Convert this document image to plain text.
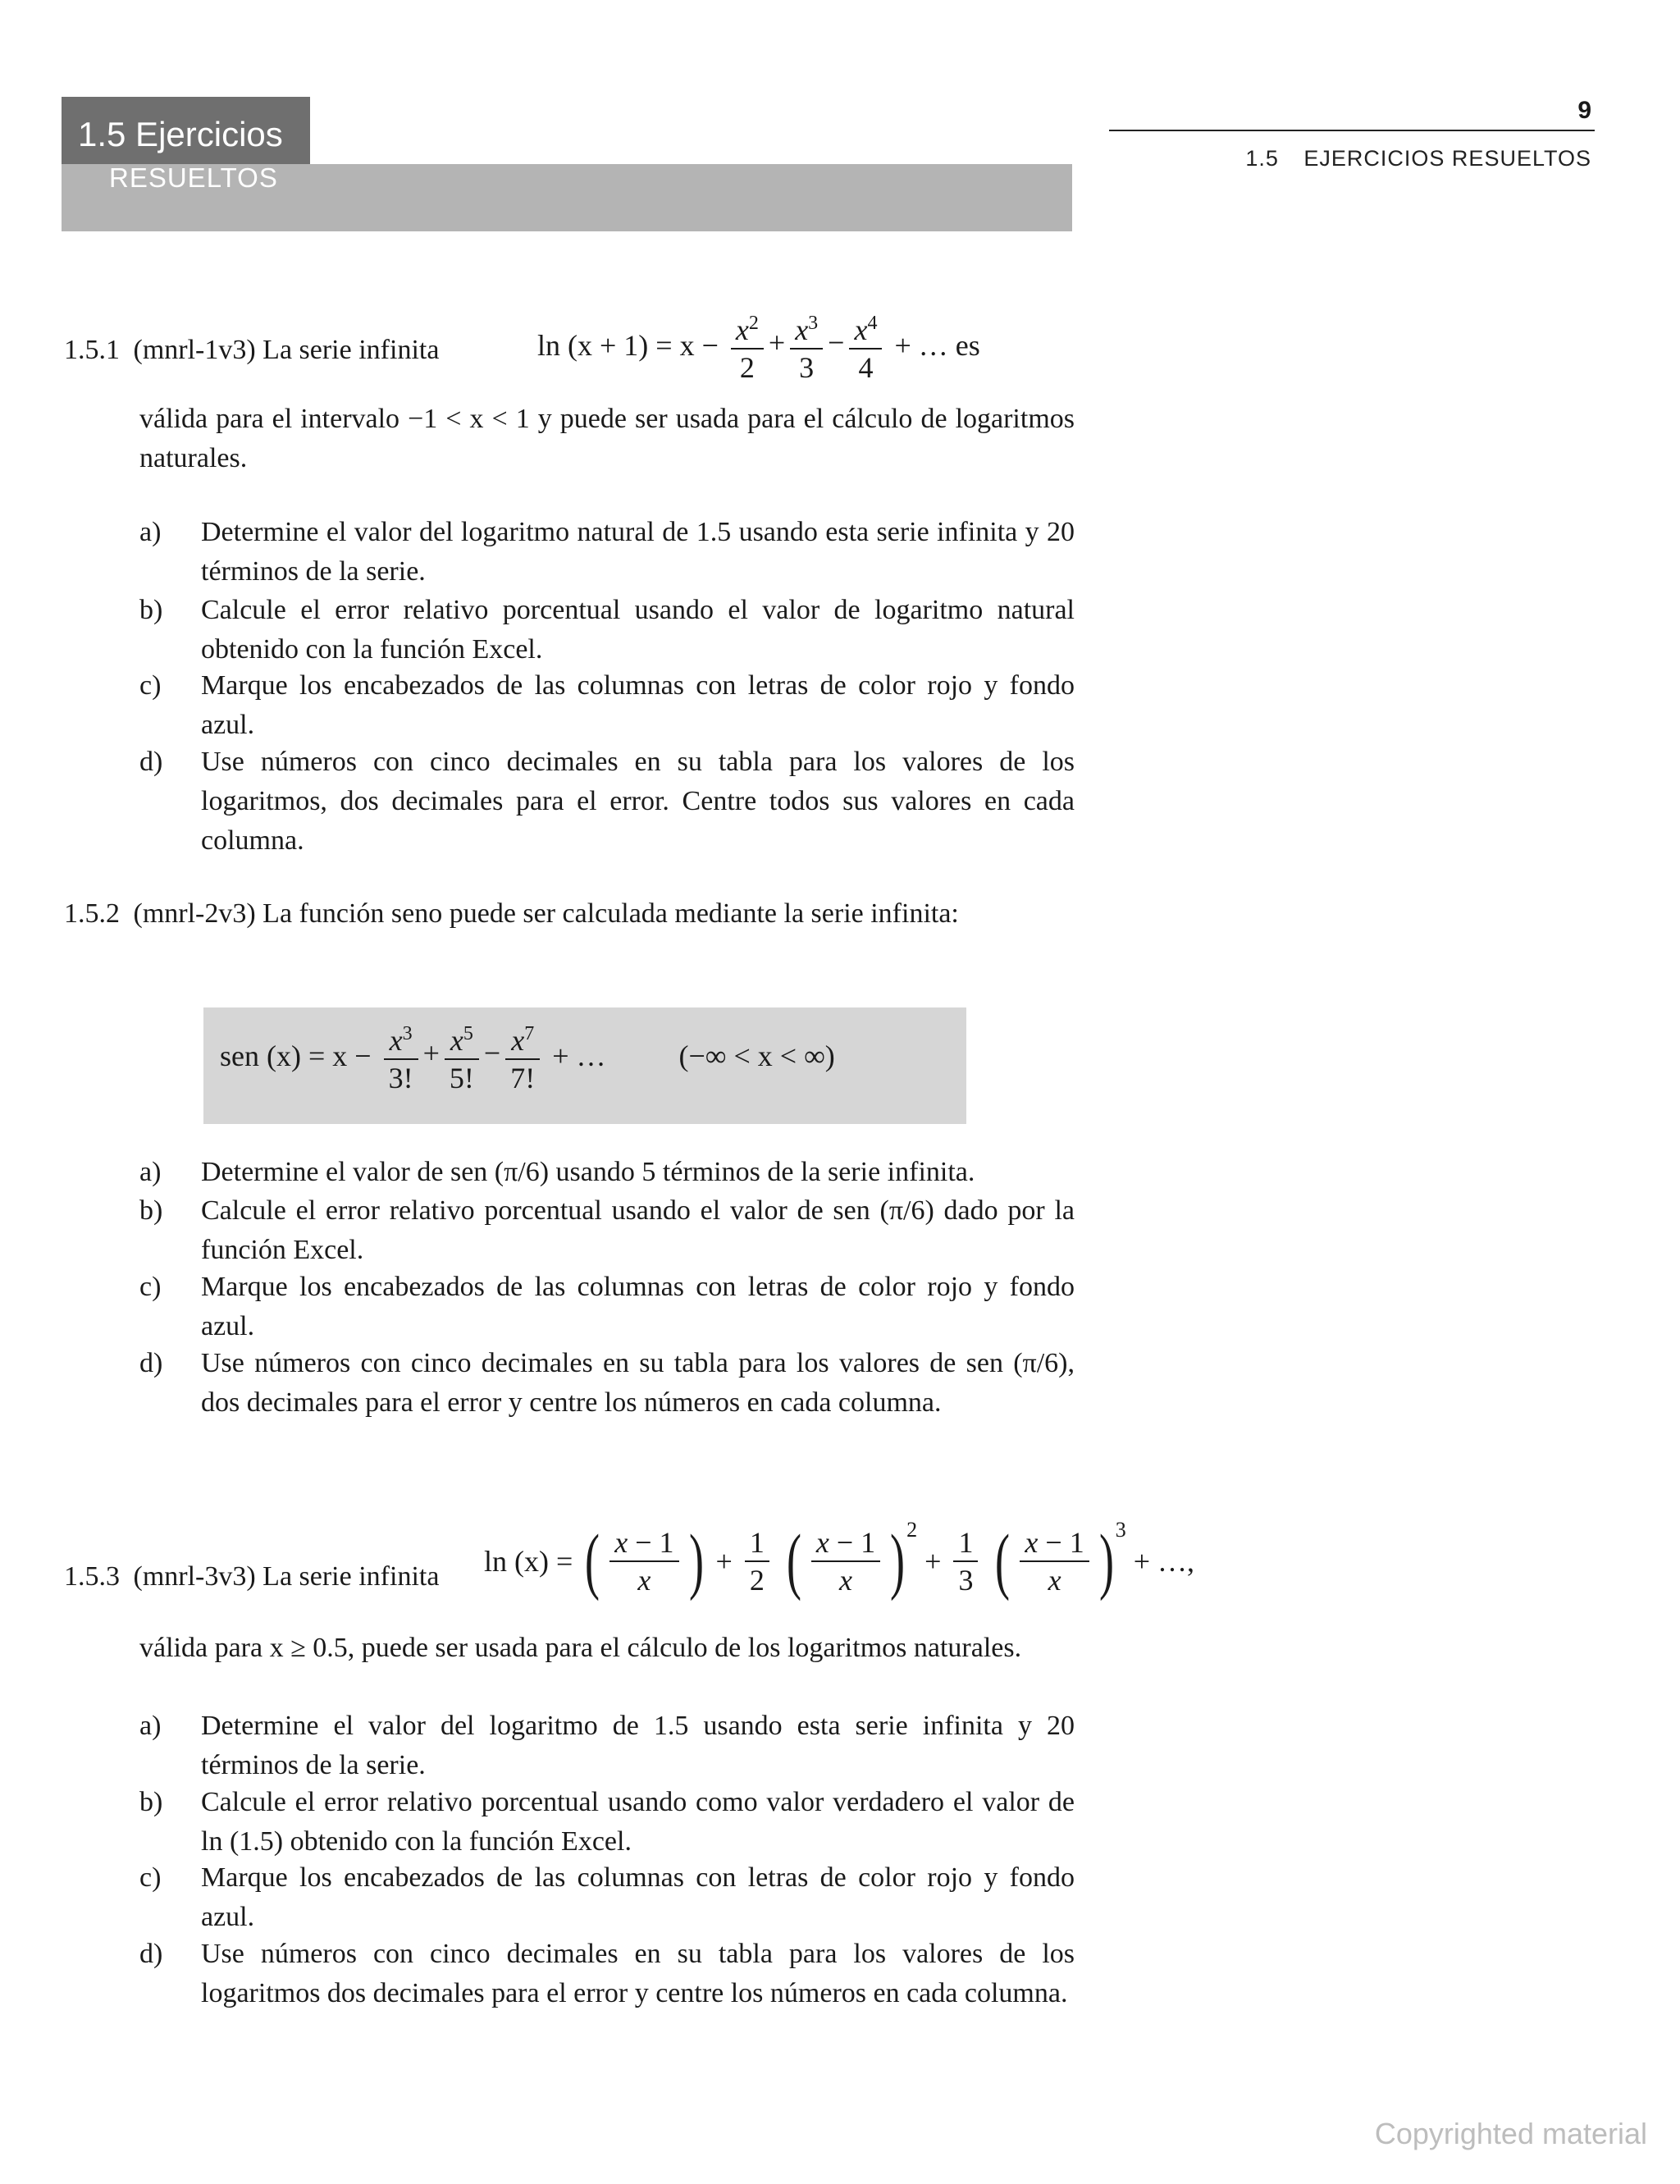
1.5 Ejercicios
RESUELTOS
9
1.5 EJERCICIOS RESUELTOS
1.5.1 (mnrl-1v3) La serie infinita	$\ln (x + 1) = x - \frac{x^2}{2} + \frac{x^3}{3} - \frac{x^4}{4}$ + … es
válida para el intervalo −1 < x < 1 y puede ser usada para el cálculo de logaritmos naturales.
a) Determine el valor del logaritmo natural de 1.5 usando esta serie infinita y 20 términos de la serie.
b) Calcule el error relativo porcentual usando el valor de logaritmo natural obtenido con la función Excel.
c) Marque los encabezados de las columnas con letras de color rojo y fondo azul.
d) Use números con cinco decimales en su tabla para los valores de los logaritmos, dos decimales para el error. Centre todos sus valores en cada columna.
1.5.2 (mnrl-2v3) La función seno puede ser calculada mediante la serie infinita:
sen $(x) = x - \frac{x^3}{3!} + \frac{x^5}{5!} - \frac{x^7}{7!}$ + … (−∞ < x < ∞)
a) Determine el valor de sen (π/6) usando 5 términos de la serie infinita.
b) Calcule el error relativo porcentual usando el valor de sen (π/6) dado por la función Excel.
c) Marque los encabezados de las columnas con letras de color rojo y fondo azul.
d) Use números con cinco decimales en su tabla para los valores de sen (π/6), dos decimales para el error y centre los números en cada columna.
1.5.3 (mnrl-3v3) La serie infinita ln (x) = ( $\frac{x - 1}{x}$ ) + $\frac{1}{2}$ ( $\frac{x - 1}{x} )^2 + \frac{1}{3}$ ( $\frac{x - 1}{x} )^3$ + …,
válida para x ≥ 0.5, puede ser usada para el cálculo de los logaritmos naturales.
a) Determine el valor del logaritmo de 1.5 usando esta serie infinita y 20 términos de la serie.
b) Calcule el error relativo porcentual usando como valor verdadero el valor de ln (1.5) obtenido con la función Excel.
c) Marque los encabezados de las columnas con letras de color rojo y fondo azul.
d) Use números con cinco decimales en su tabla para los valores de los logaritmos dos decimales para el error y centre los números en cada columna.
Copyrighted material
